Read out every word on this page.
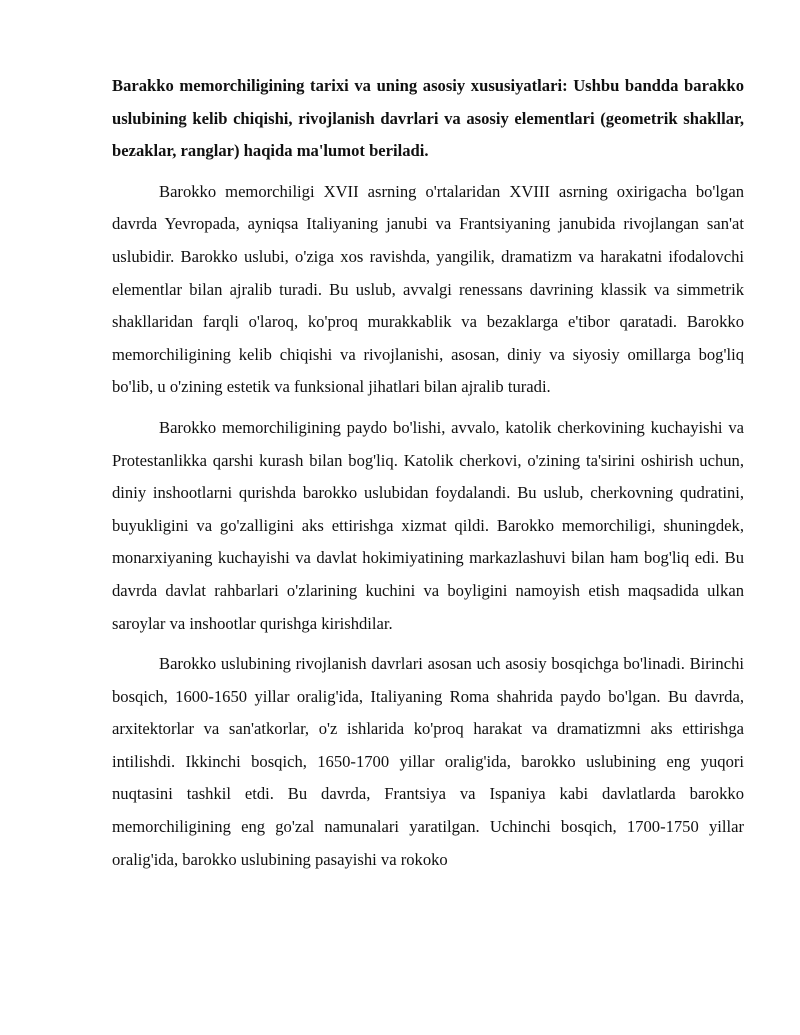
Barakko memorchiligining tarixi va uning asosiy xususiyatlari: Ushbu bandda barakko uslubining kelib chiqishi, rivojlanish davrlari va asosiy elementlari (geometrik shakllar, bezaklar, ranglar) haqida ma'lumot beriladi.

Barokko memorchiligi XVII asrning o'rtalaridan XVIII asrning oxirigacha bo'lgan davrda Yevropada, ayniqsa Italiyaning janubi va Frantsiyaning janubida rivojlangan san'at uslubidir. Barokko uslubi, o'ziga xos ravishda, yangilik, dramatizm va harakatni ifodalovchi elementlar bilan ajralib turadi. Bu uslub, avvalgi renessans davrining klassik va simmetrik shakllaridan farqli o'laroq, ko'proq murakkablik va bezaklarga e'tibor qaratadi. Barokko memorchiligining kelib chiqishi va rivojlanishi, asosan, diniy va siyosiy omillarga bog'liq bo'lib, u o'zining estetik va funksional jihatlari bilan ajralib turadi.

Barokko memorchiligining paydo bo'lishi, avvalo, katolik cherkovining kuchayishi va Protestanlikka qarshi kurash bilan bog'liq. Katolik cherkovi, o'zining ta'sirini oshirish uchun, diniy inshootlarni qurishda barokko uslubidan foydalandi. Bu uslub, cherkovning qudratini, buyukligini va go'zalligini aks ettirishga xizmat qildi. Barokko memorchiligi, shuningdek, monarxiyaning kuchayishi va davlat hokimiyatining markazlashuvi bilan ham bog'liq edi. Bu davrda davlat rahbarlari o'zlarining kuchini va boyligini namoyish etish maqsadida ulkan saroylar va inshootlar qurishga kirishdilar.

Barokko uslubining rivojlanish davrlari asosan uch asosiy bosqichga bo'linadi. Birinchi bosqich, 1600-1650 yillar oralig'ida, Italiyaning Roma shahrida paydo bo'lgan. Bu davrda, arxitektorlar va san'atkorlar, o'z ishlarida ko'proq harakat va dramatizmni aks ettirishga intilishdi. Ikkinchi bosqich, 1650-1700 yillar oralig'ida, barokko uslubining eng yuqori nuqtasini tashkil etdi. Bu davrda, Frantsiya va Ispaniya kabi davlatlarda barokko memorchiligining eng go'zal namunalari yaratilgan. Uchinchi bosqich, 1700-1750 yillar oralig'ida, barokko uslubining pasayishi va rokoko
